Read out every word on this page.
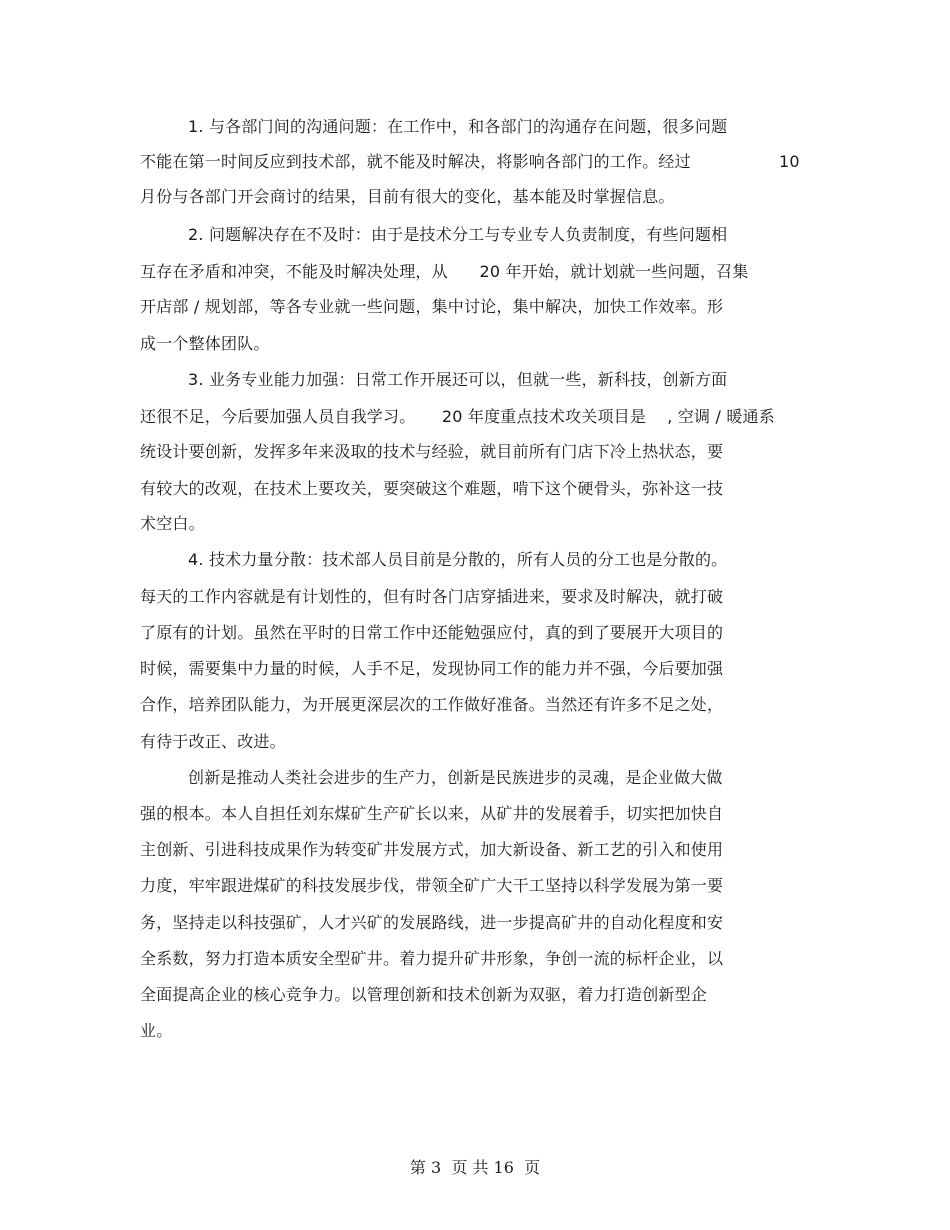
1. 与各部门间的沟通问题：在工作中，和各部门的沟通存在问题，很多问题
不能在第一时间反应到技术部，就不能及时解决，将影响各部门的工作。经过	10
月份与各部门开会商讨的结果，目前有很大的变化，基本能及时掌握信息。
2. 问题解决存在不及时：由于是技术分工与专业专人负责制度，有些问题相
互存在矛盾和冲突，不能及时解决处理，从      20 年开始，就计划就一些问题，召集
开店部 / 规划部，等各专业就一些问题，集中讨论，集中解决，加快工作效率。形
成一个整体团队。
3. 业务专业能力加强：日常工作开展还可以，但就一些，新科技，创新方面
还很不足，今后要加强人员自我学习。     20 年度重点技术攻关项目是    , 空调 / 暖通系
统设计要创新，发挥多年来汲取的技术与经验，就目前所有门店下冷上热状态，要
有较大的改观，在技术上要攻关，要突破这个难题，啃下这个硬骨头，弥补这一技
术空白。
4. 技术力量分散：技术部人员目前是分散的，所有人员的分工也是分散的。
每天的工作内容就是有计划性的，但有时各门店穿插进来，要求及时解决，就打破
了原有的计划。虽然在平时的日常工作中还能勉强应付，真的到了要展开大项目的
时候，需要集中力量的时候，人手不足，发现协同工作的能力并不强，今后要加强
合作，培养团队能力，为开展更深层次的工作做好准备。当然还有许多不足之处，
有待于改正、改进。
创新是推动人类社会进步的生产力，创新是民族进步的灵魂，是企业做大做
强的根本。本人自担任刘东煤矿生产矿长以来，从矿井的发展着手，切实把加快自
主创新、引进科技成果作为转变矿井发展方式，加大新设备、新工艺的引入和使用
力度，牢牢跟进煤矿的科技发展步伐，带领全矿广大干工坚持以科学发展为第一要
务，坚持走以科技强矿，人才兴矿的发展路线，进一步提高矿井的自动化程度和安
全系数，努力打造本质安全型矿井。着力提升矿井形象，争创一流的标杆企业，以
全面提高企业的核心竞争力。以管理创新和技术创新为双驱，着力打造创新型企
业。
第 3  页 共 16  页
